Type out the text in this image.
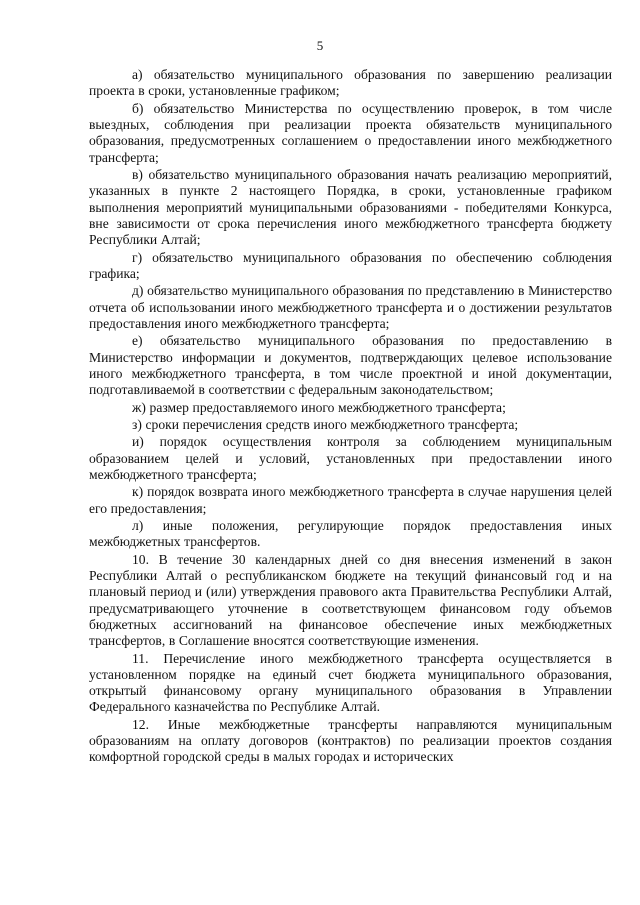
5

а) обязательство муниципального образования по завершению реализации проекта в сроки, установленные графиком;

б) обязательство Министерства по осуществлению проверок, в том числе выездных, соблюдения при реализации проекта обязательств муниципального образования, предусмотренных соглашением о предоставлении иного межбюджетного трансферта;

в) обязательство муниципального образования начать реализацию мероприятий, указанных в пункте 2 настоящего Порядка, в сроки, установленные графиком выполнения мероприятий муниципальными образованиями - победителями Конкурса, вне зависимости от срока перечисления иного межбюджетного трансферта бюджету Республики Алтай;

г) обязательство муниципального образования по обеспечению соблюдения графика;

д) обязательство муниципального образования по представлению в Министерство отчета об использовании иного межбюджетного трансферта и о достижении результатов предоставления иного межбюджетного трансферта;

е) обязательство муниципального образования по предоставлению в Министерство информации и документов, подтверждающих целевое использование иного межбюджетного трансферта, в том числе проектной и иной документации, подготавливаемой в соответствии с федеральным законодательством;

ж) размер предоставляемого иного межбюджетного трансферта;

з) сроки перечисления средств иного межбюджетного трансферта;

и) порядок осуществления контроля за соблюдением муниципальным образованием целей и условий, установленных при предоставлении иного межбюджетного трансферта;

к) порядок возврата иного межбюджетного трансферта в случае нарушения целей его предоставления;

л) иные положения, регулирующие порядок предоставления иных межбюджетных трансфертов.

10. В течение 30 календарных дней со дня внесения изменений в закон Республики Алтай о республиканском бюджете на текущий финансовый год и на плановый период и (или) утверждения правового акта Правительства Республики Алтай, предусматривающего уточнение в соответствующем финансовом году объемов бюджетных ассигнований на финансовое обеспечение иных межбюджетных трансфертов, в Соглашение вносятся соответствующие изменения.

11. Перечисление иного межбюджетного трансферта осуществляется в установленном порядке на единый счет бюджета муниципального образования, открытый финансовому органу муниципального образования в Управлении Федерального казначейства по Республике Алтай.

12. Иные межбюджетные трансферты направляются муниципальным образованиям на оплату договоров (контрактов) по реализации проектов создания комфортной городской среды в малых городах и исторических
